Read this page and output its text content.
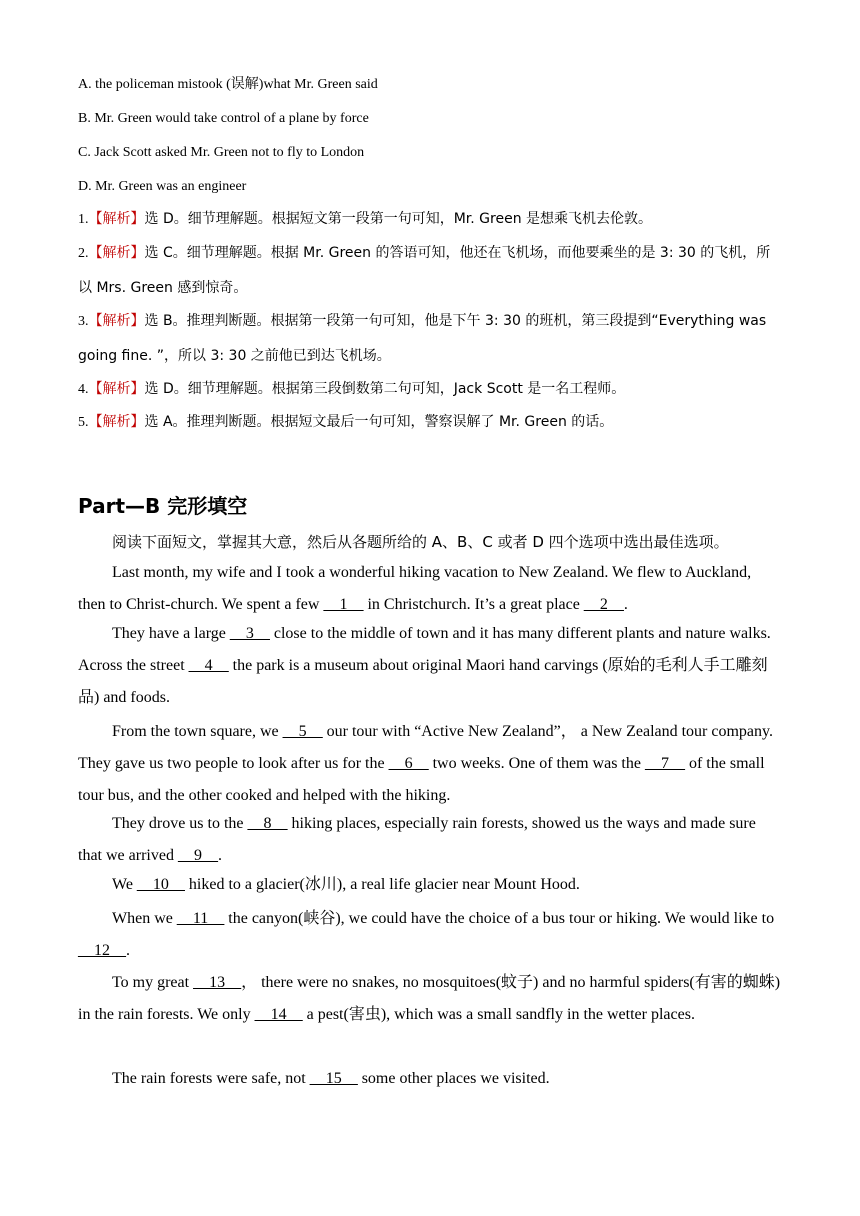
A. the policeman mistook (误解)what Mr. Green said
B. Mr. Green would take control of a plane by force
C. Jack Scott asked Mr. Green not to fly to London
D. Mr. Green was an engineer
1.【解析】选 D。细节理解题。根据短文第一段第一句可知，Mr. Green 是想乘飞机去伦敦。
2.【解析】选 C。细节理解题。根据 Mr. Green 的答语可知，他还在飞机场，而他要乘坐的是 3: 30 的飞机，所以 Mrs. Green 感到惊奇。
3.【解析】选 B。推理判断题。根据第一段第一句可知，他是下午 3: 30 的班机，第三段提到“Everything was going fine. ”，所以 3: 30 之前他已到达飞机场。
4.【解析】选 D。细节理解题。根据第三段倒数第二句可知，Jack Scott 是一名工程师。
5.【解析】选 A。推理判断题。根据短文最后一句可知，警察误解了 Mr. Green 的话。
Part—B 完形填空
阅读下面短文，掌握其大意，然后从各题所给的 A、B、C 或者 D 四个选项中选出最佳选项。
Last month, my wife and I took a wonderful hiking vacation to New Zealand. We flew to Auckland, then to Christ-church. We spent a few __1__ in Christchurch. It’s a great place __2__.
They have a large __3__ close to the middle of town and it has many different plants and nature walks. Across the street __4__ the park is a museum about original Maori hand carvings (原始的毛利人手工雕刻品) and foods.
From the town square, we __5__ our tour with “Active New Zealand”， a New Zealand tour company. They gave us two people to look after us for the __6__ two weeks. One of them was the __7__ of the small tour bus, and the other cooked and helped with the hiking.
They drove us to the __8__ hiking places, especially rain forests, showed us the ways and made sure that we arrived __9__.
We __10__ hiked to a glacier(冰川), a real life glacier near Mount Hood.
When we __11__ the canyon(峡谷), we could have the choice of a bus tour or hiking. We would like to __12__.
To my great __13__， there were no snakes, no mosquitoes(蚊子) and no harmful spiders(有害的蜘蛛) in the rain forests. We only __14__ a pest(害虫), which was a small sandfly in the wetter places.
The rain forests were safe, not __15__ some other places we visited.
